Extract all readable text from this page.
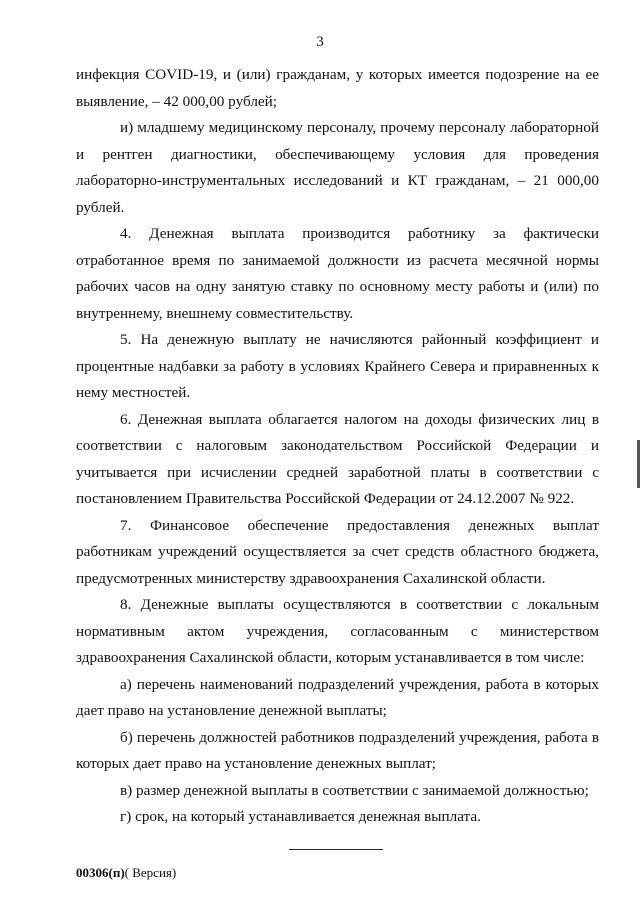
3

инфекция COVID-19, и (или) гражданам, у которых имеется подозрение на ее выявление, – 42 000,00 рублей;

и) младшему медицинскому персоналу, прочему персоналу лабораторной и рентген диагностики, обеспечивающему условия для проведения лабораторно-инструментальных исследований и КТ гражданам, – 21 000,00 рублей.

4. Денежная выплата производится работнику за фактически отработанное время по занимаемой должности из расчета месячной нормы рабочих часов на одну занятую ставку по основному месту работы и (или) по внутреннему, внешнему совместительству.

5. На денежную выплату не начисляются районный коэффициент и процентные надбавки за работу в условиях Крайнего Севера и приравненных к нему местностей.

6. Денежная выплата облагается налогом на доходы физических лиц в соответствии с налоговым законодательством Российской Федерации и учитывается при исчислении средней заработной платы в соответствии с постановлением Правительства Российской Федерации от 24.12.2007 № 922.

7. Финансовое обеспечение предоставления денежных выплат работникам учреждений осуществляется за счет средств областного бюджета, предусмотренных министерству здравоохранения Сахалинской области.

8. Денежные выплаты осуществляются в соответствии с локальным нормативным актом учреждения, согласованным с министерством здравоохранения Сахалинской области, которым устанавливается в том числе:

а) перечень наименований подразделений учреждения, работа в которых дает право на установление денежной выплаты;

б) перечень должностей работников подразделений учреждения, работа в которых дает право на установление денежных выплат;

в) размер денежной выплаты в соответствии с занимаемой должностью;

г) срок, на который устанавливается денежная выплата.

00306(п)( Версия)
